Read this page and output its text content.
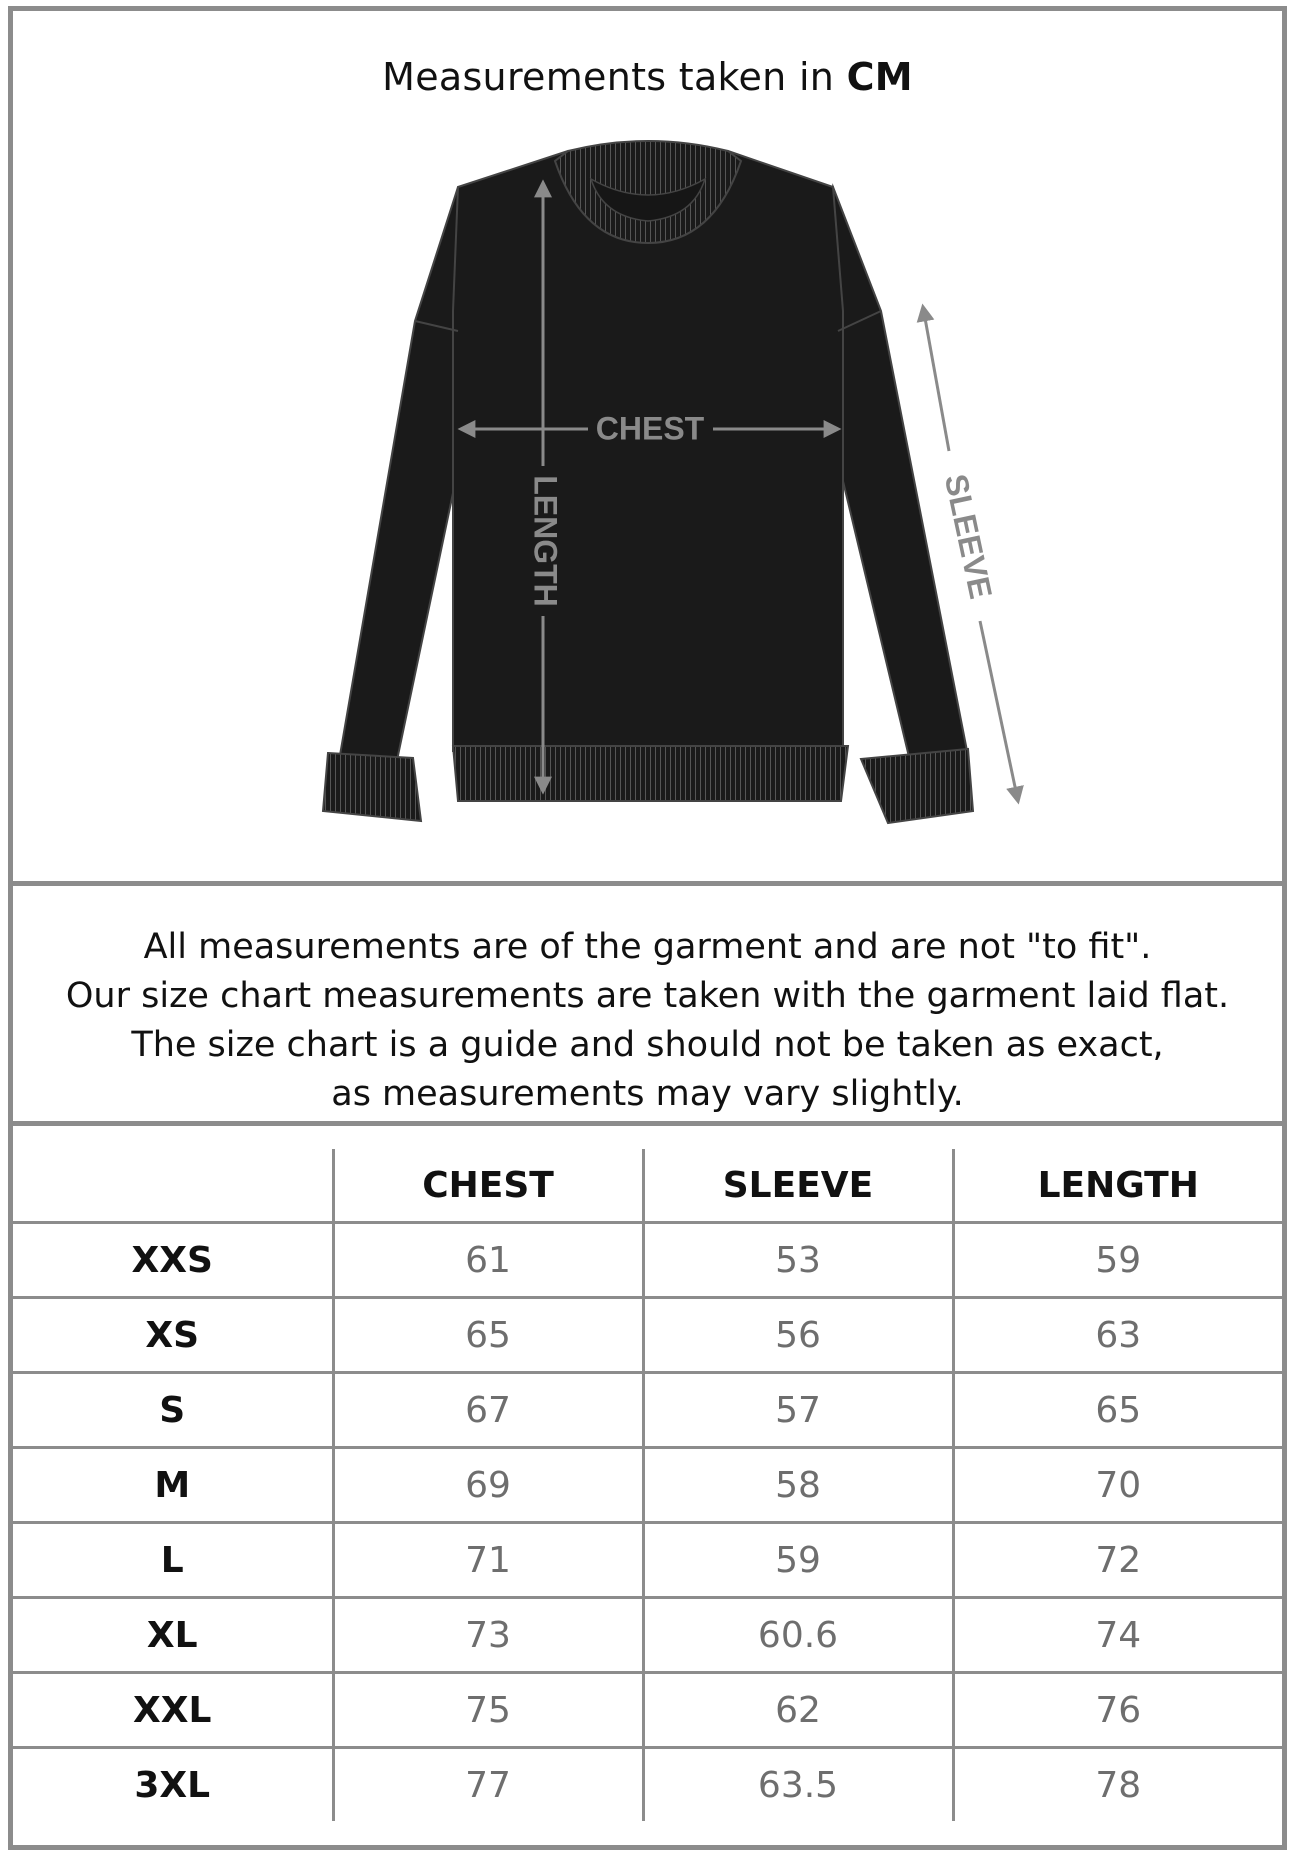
Measurements taken in CM
LENGTH
CHEST
SLEEVE
All measurements are of the garment and are not "to fit".
Our size chart measurements are taken with the garment laid flat.
The size chart is a guide and should not be taken as exact,
as measurements may vary slightly.
	CHEST	SLEEVE	LENGTH
XXS	61	53	59
XS	65	56	63
S	67	57	65
M	69	58	70
L	71	59	72
XL	73	60.6	74
XXL	75	62	76
3XL	77	63.5	78
